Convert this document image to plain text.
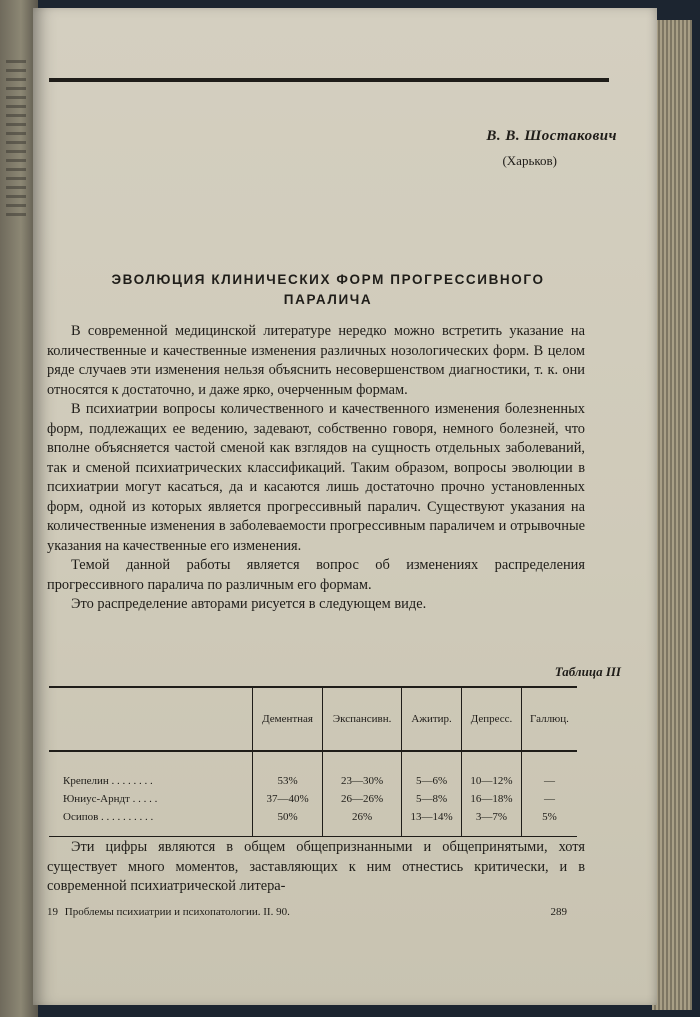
В. В. Шостакович
(Харьков)
ЭВОЛЮЦИЯ КЛИНИЧЕСКИХ ФОРМ ПРОГРЕССИВНОГО
ПАРАЛИЧА

В современной медицинской литературе нередко можно встретить указание на количественные и качественные изменения различных нозологических форм. В целом ряде случаев эти изменения нельзя объяснить несовершенством диагностики, т. к. они относятся к достаточно, и даже ярко, очерченным формам.

В психиатрии вопросы количественного и качественного изменения болезненных форм, подлежащих ее ведению, задевают, собственно говоря, немного болезней, что вполне объясняется частой сменой как взглядов на сущность отдельных заболеваний, так и сменой психиатрических классификаций. Таким образом, вопросы эволюции в психиатрии могут касаться, да и касаются лишь достаточно прочно установленных форм, одной из которых является прогрессивный паралич. Существуют указания на количественные изменения в заболеваемости прогрессивным параличем и отрывочные указания на качественные его изменения.

Темой данной работы является вопрос об изменениях распределения прогрессивного паралича по различным его формам.

Это распределение авторами рисуется в следующем виде.

Таблица III
	Дементная	Экспансивн.	Ажитир.	Депресс.	Галлюц.
Крепелин . . . . . . . .	53%	23—30%	5—6%	10—12%	—
Юниус-Арндт . . . . .	37—40%	26—26%	5—8%	16—18%	—
Осипов . . . . . . . . . .	50%	26%	13—14%	3—7%	5%

Эти цифры являются в общем общепризнанными и общепринятыми, хотя существует много моментов, заставляющих к ним отнестись критически, и в современной психиатрической литера-

19 Проблемы психиатрии и психопатологии. II. 90.	289
